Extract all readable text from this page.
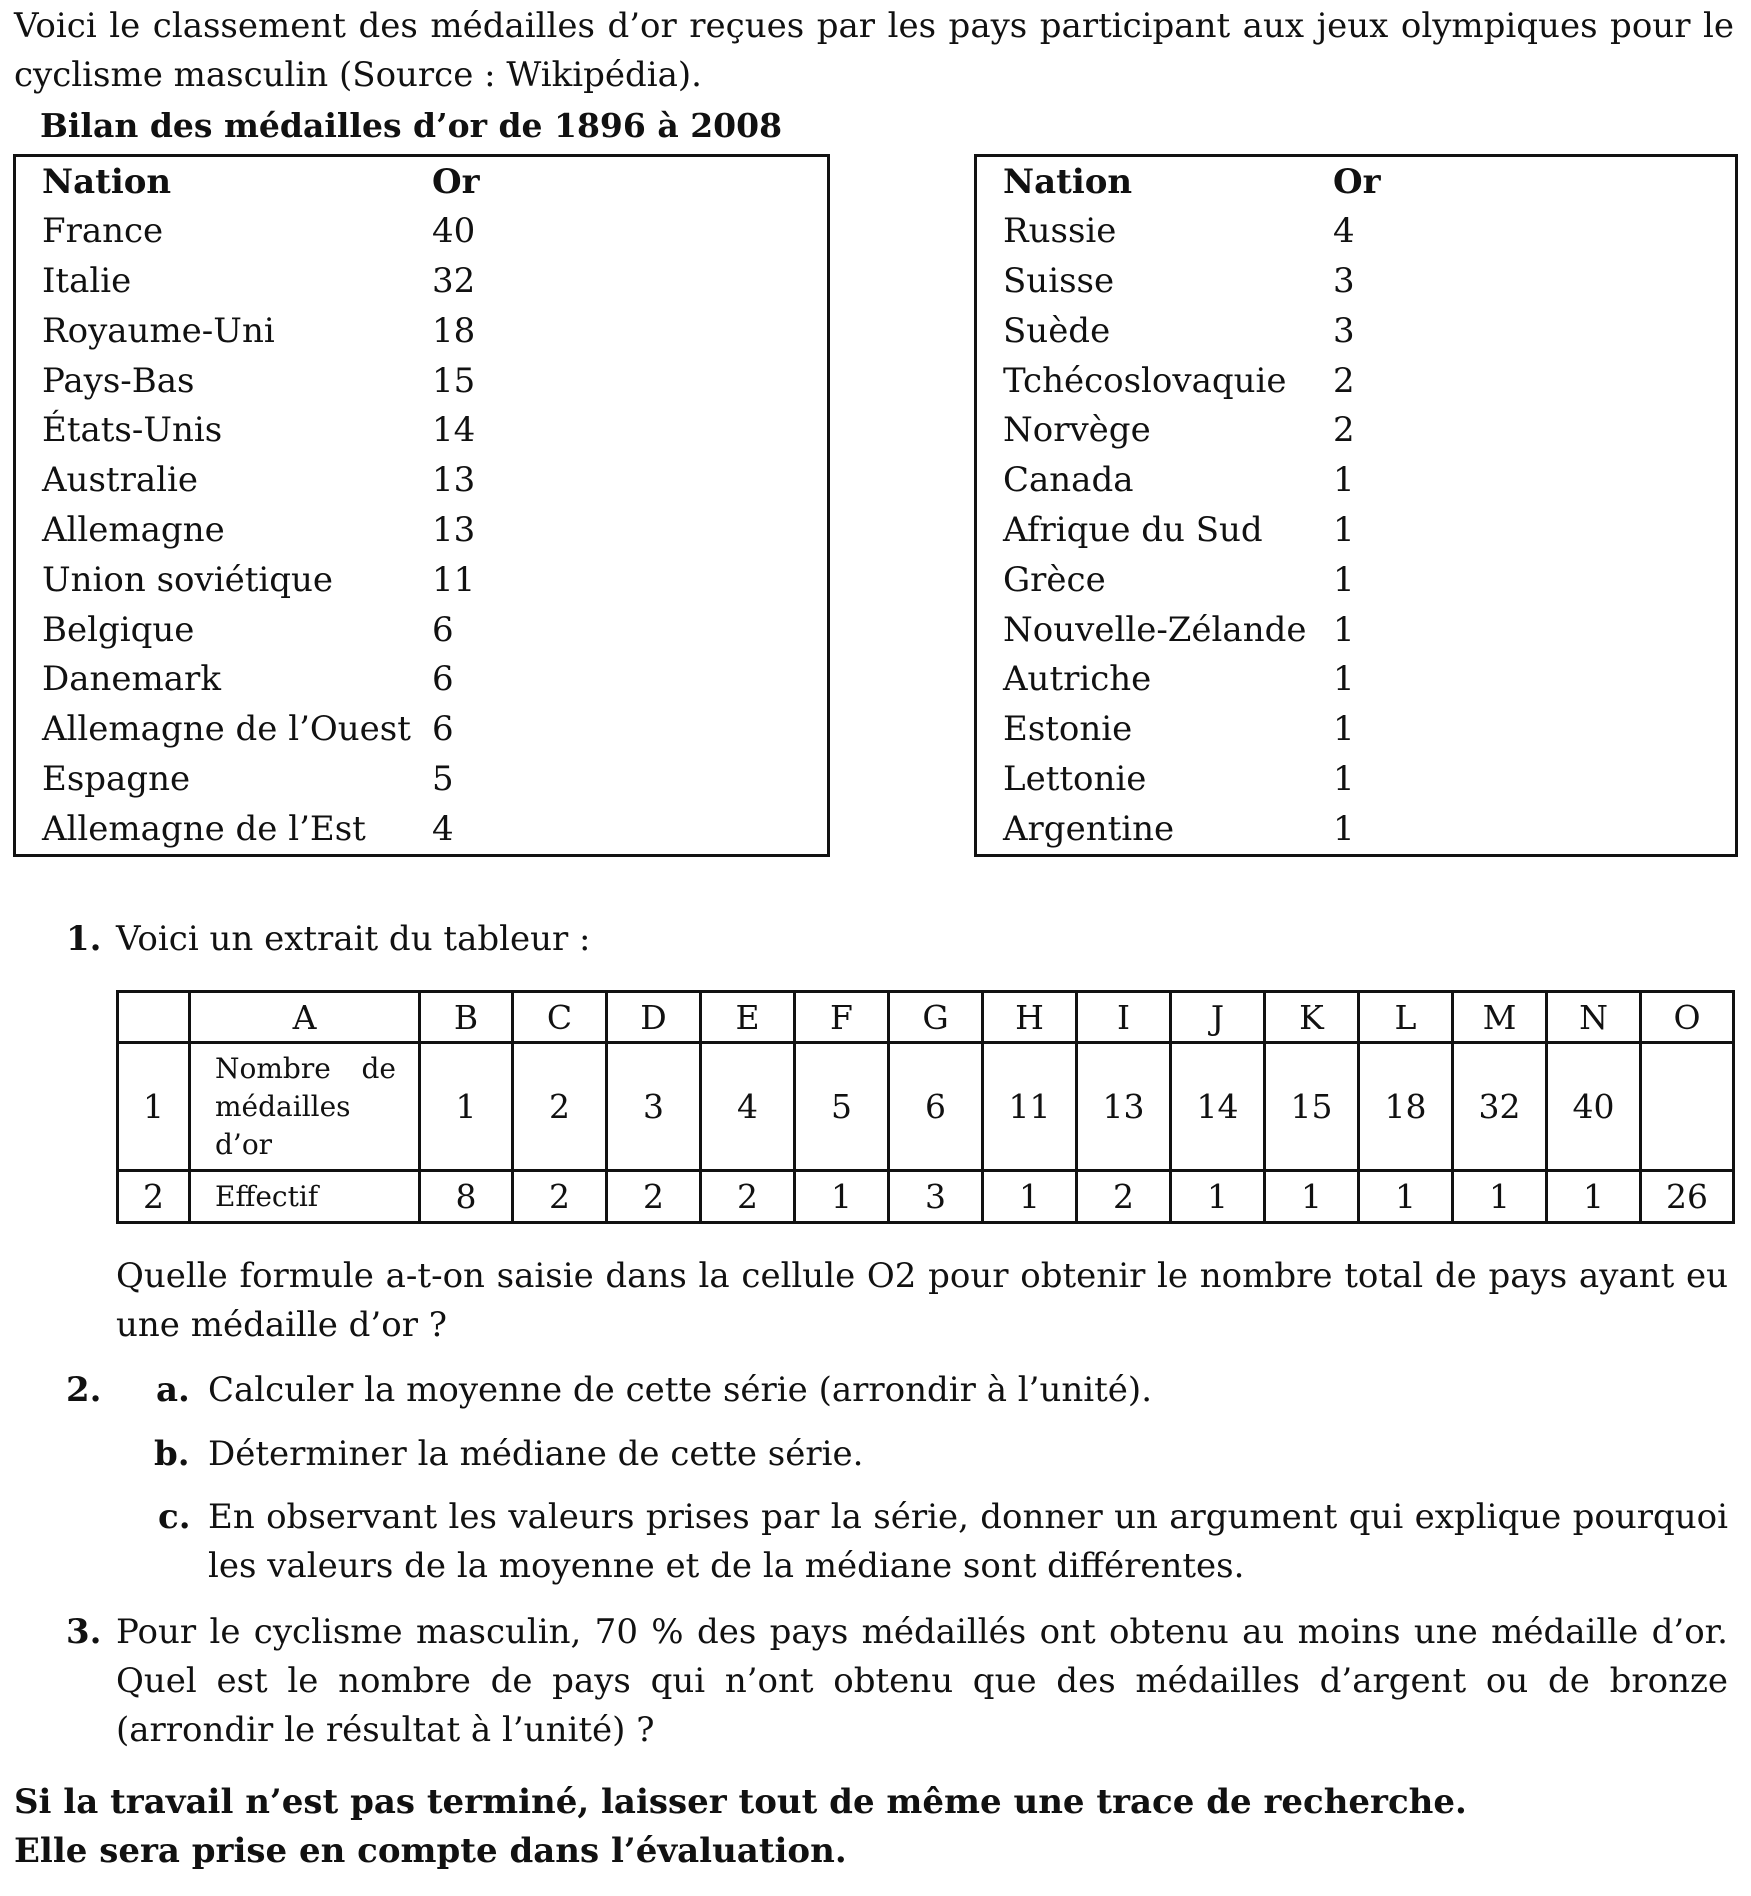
Voici le classement des médailles d’or reçues par les pays participant aux jeux olympiques pour le cyclisme masculin (Source : Wikipédia).
Bilan des médailles d’or de 1896 à 2008
Nation	Or
France	40
Italie	32
Royaume-Uni	18
Pays-Bas	15
États-Unis	14
Australie	13
Allemagne	13
Union soviétique	11
Belgique	6
Danemark	6
Allemagne de l’Ouest	6
Espagne	5
Allemagne de l’Est	4
Nation	Or
Russie	4
Suisse	3
Suède	3
Tchécoslovaquie	2
Norvège	2
Canada	1
Afrique du Sud	1
Grèce	1
Nouvelle-Zélande	1
Autriche	1
Estonie	1
Lettonie	1
Argentine	1
1. Voici un extrait du tableur :
	A	B	C	D	E	F	G	H	I	J	K	L	M	N	O
1	Nombre de médailles d’or	1	2	3	4	5	6	11	13	14	15	18	32	40	
2	Effectif	8	2	2	2	1	3	1	2	1	1	1	1	1	26
Quelle formule a-t-on saisie dans la cellule O2 pour obtenir le nombre total de pays ayant eu une médaille d’or ?
2. a. Calculer la moyenne de cette série (arrondir à l’unité).
b. Déterminer la médiane de cette série.
c. En observant les valeurs prises par la série, donner un argument qui explique pourquoi les valeurs de la moyenne et de la médiane sont différentes.
3. Pour le cyclisme masculin, 70 % des pays médaillés ont obtenu au moins une médaille d’or. Quel est le nombre de pays qui n’ont obtenu que des médailles d’argent ou de bronze (arrondir le résultat à l’unité) ?
Si la travail n’est pas terminé, laisser tout de même une trace de recherche.
Elle sera prise en compte dans l’évaluation.
